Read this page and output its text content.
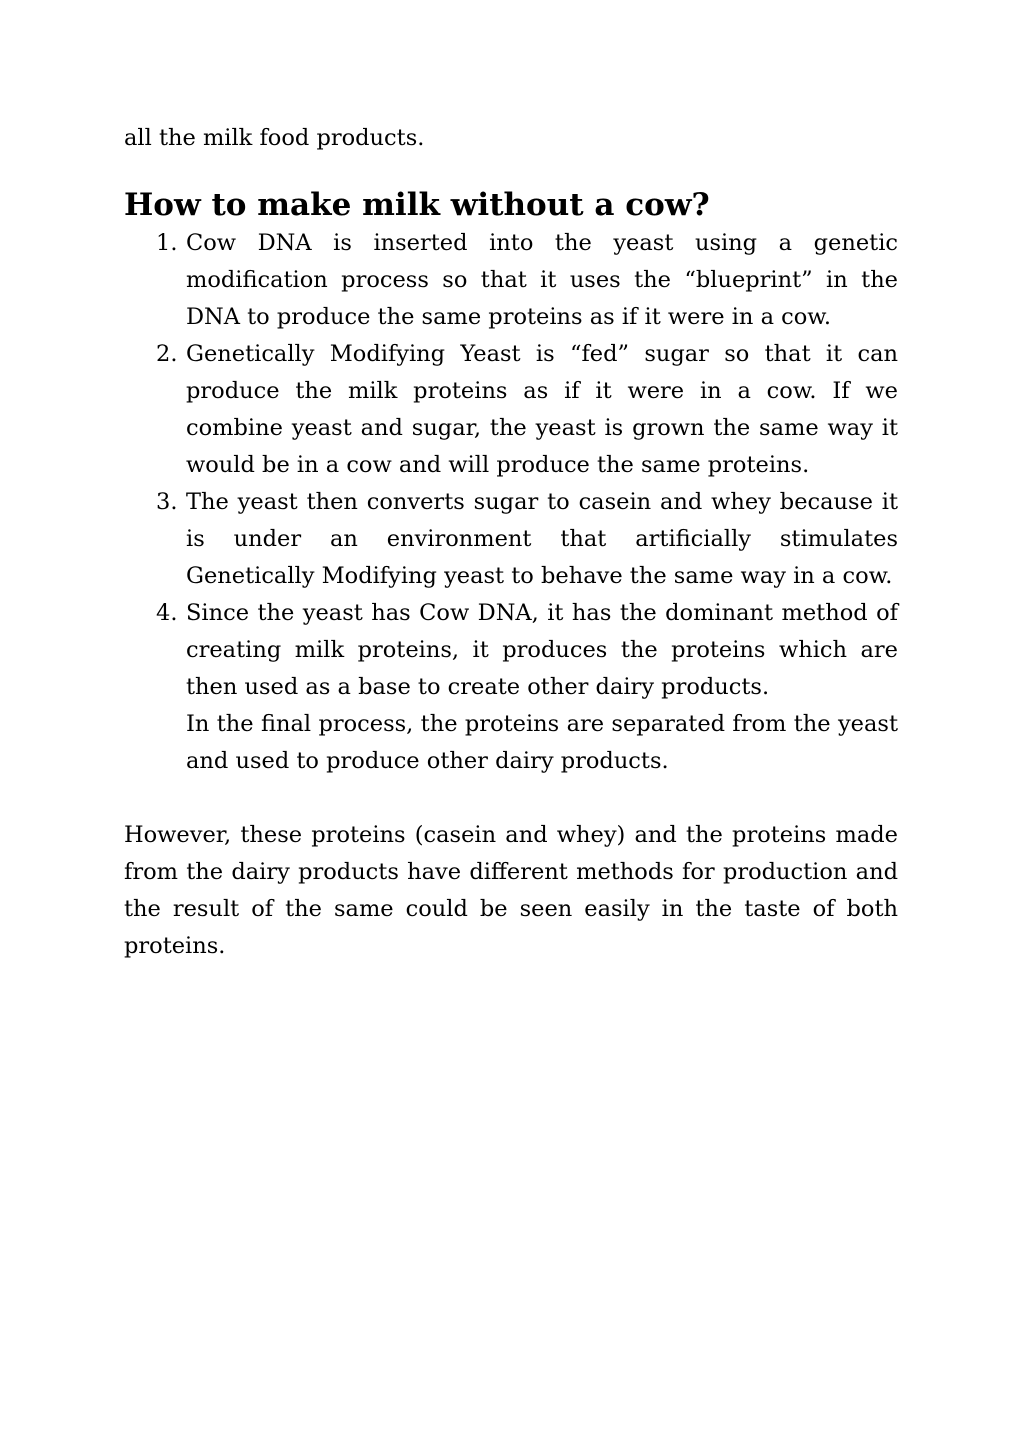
all the milk food products.

How to make milk without a cow?
1. Cow DNA is inserted into the yeast using a genetic modification process so that it uses the “blueprint” in the DNA to produce the same proteins as if it were in a cow.

2. Genetically Modifying Yeast is “fed” sugar so that it can produce the milk proteins as if it were in a cow. If we combine yeast and sugar, the yeast is grown the same way it would be in a cow and will produce the same proteins.

3. The yeast then converts sugar to casein and whey because it is under an environment that artificially stimulates Genetically Modifying yeast to behave the same way in a cow.

4. Since the yeast has Cow DNA, it has the dominant method of creating milk proteins, it produces the proteins which are then used as a base to create other dairy products.

In the final process, the proteins are separated from the yeast and used to produce other dairy products.

However, these proteins (casein and whey) and the proteins made from the dairy products have different methods for production and the result of the same could be seen easily in the taste of both proteins.
